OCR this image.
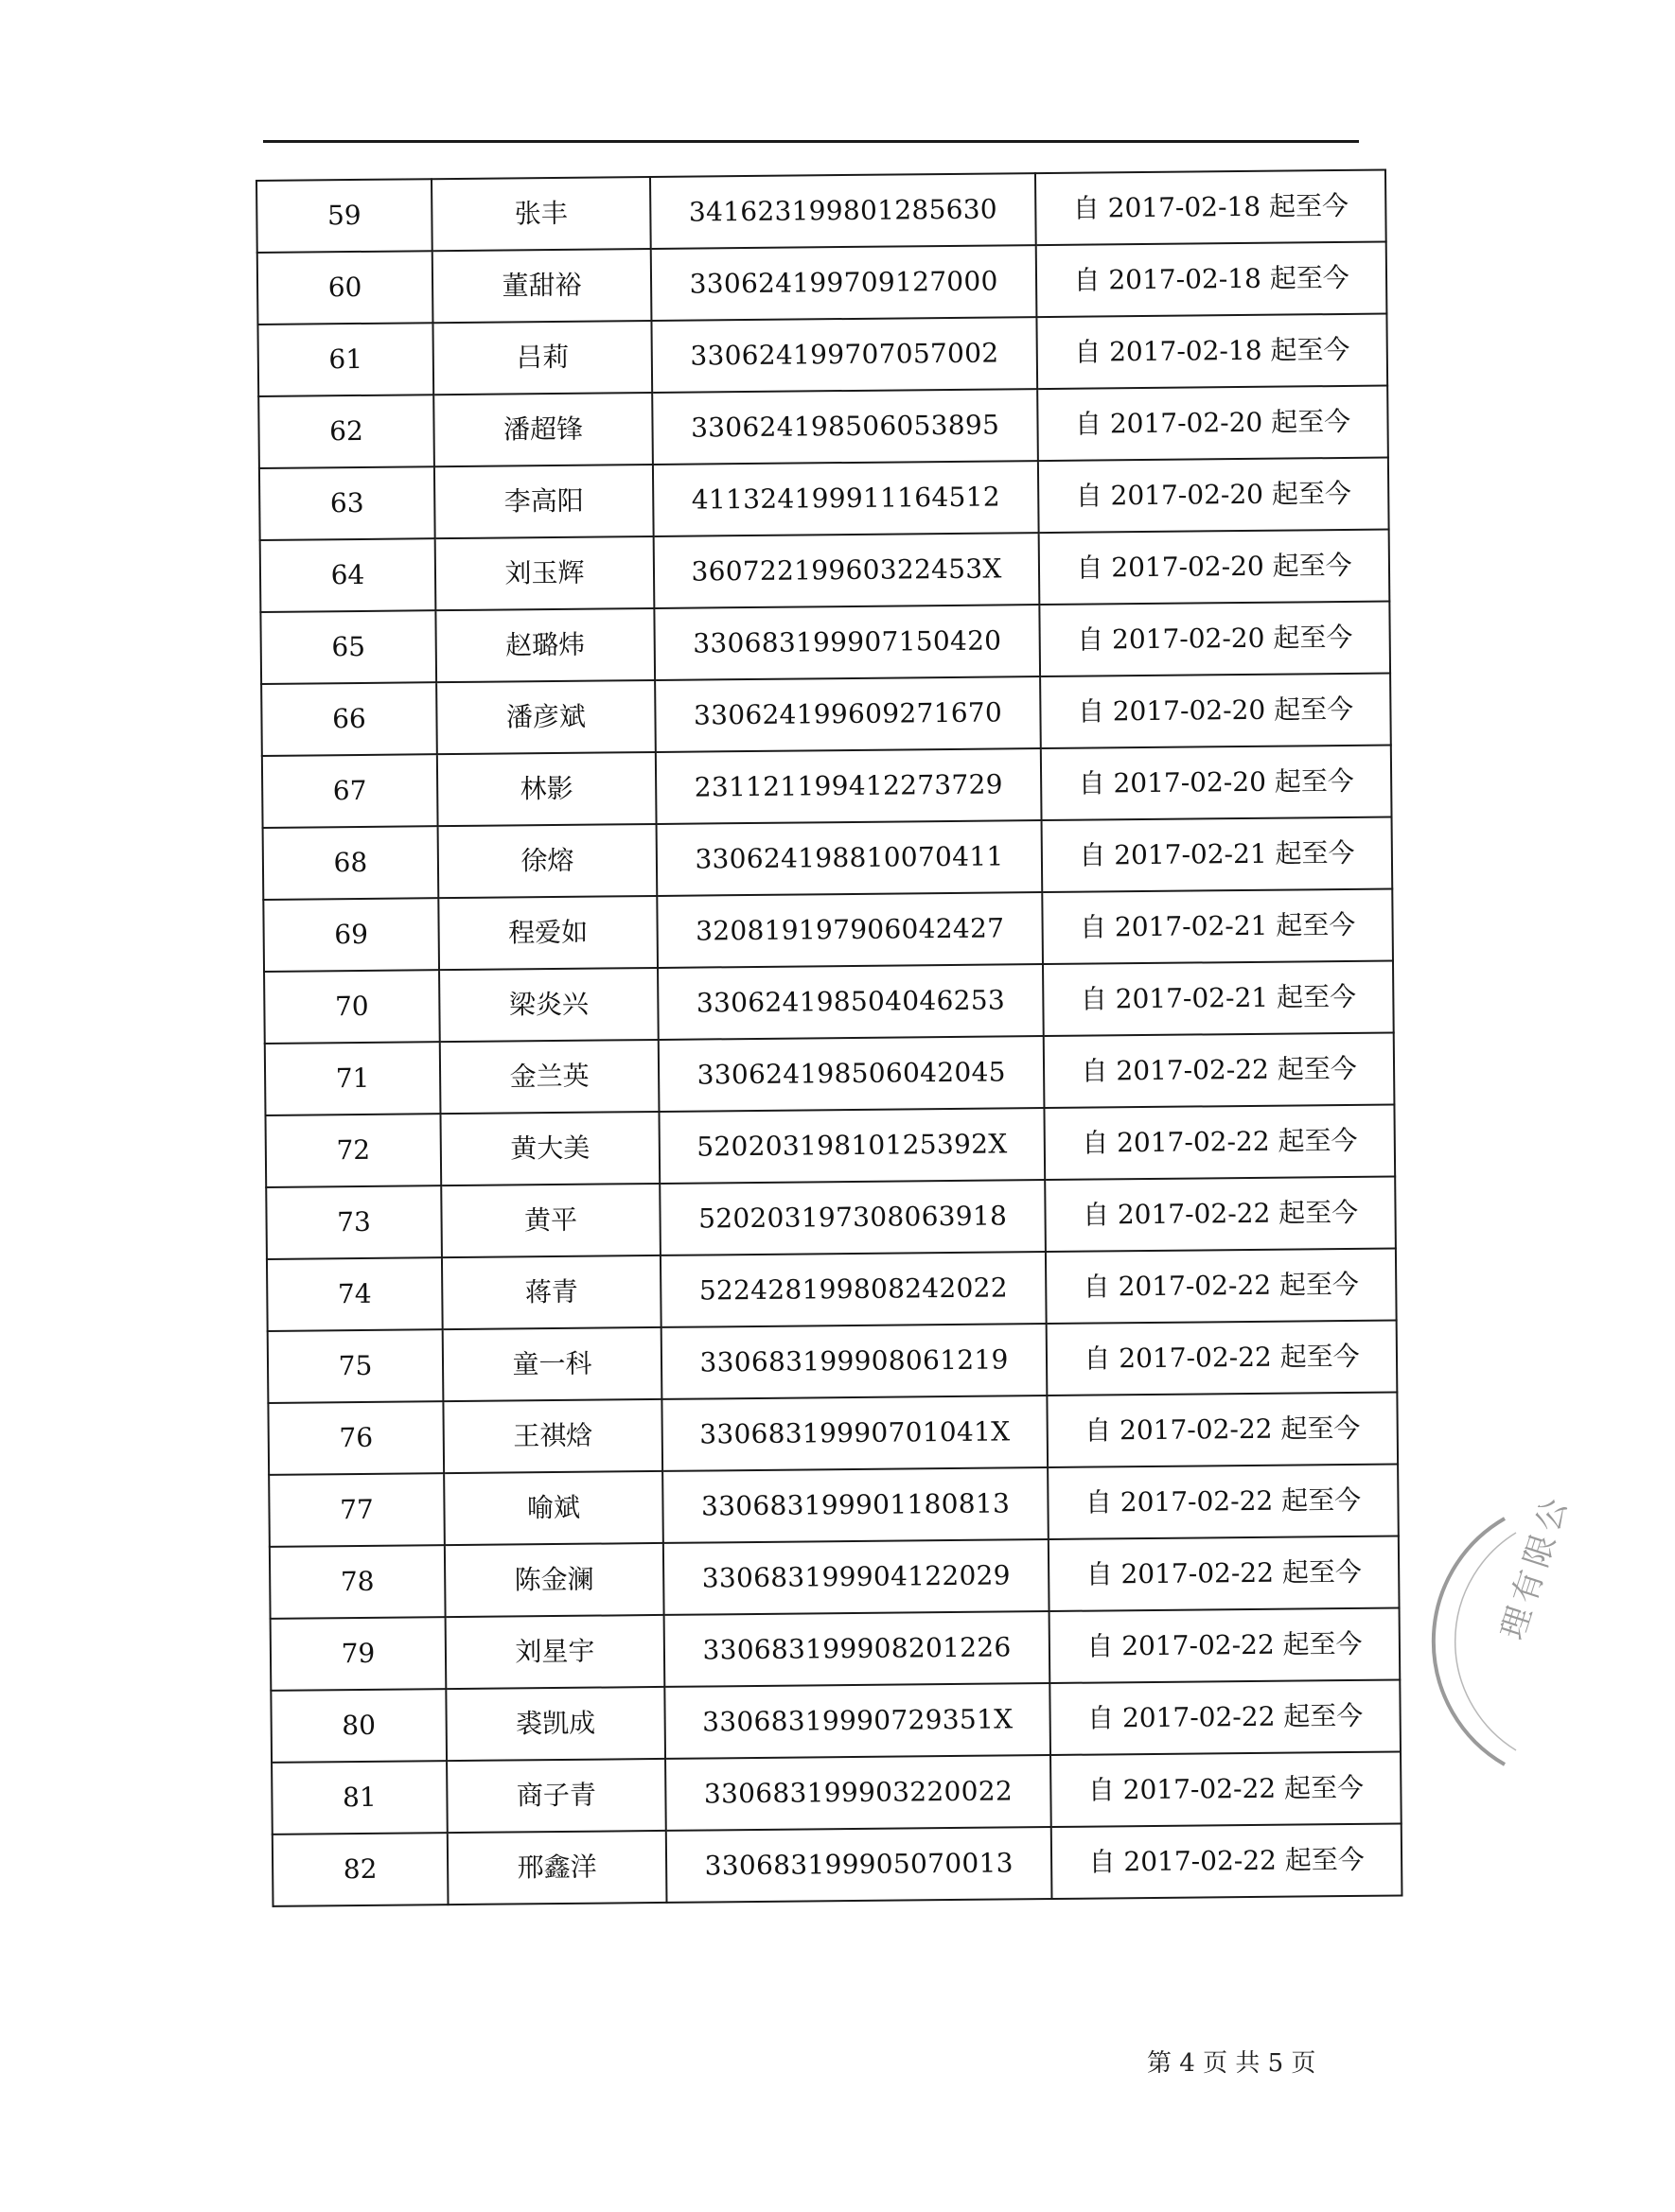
59	张丰	341623199801285630	自 2017-02-18 起至今
60	董甜裕	330624199709127000	自 2017-02-18 起至今
61	吕莉	330624199707057002	自 2017-02-18 起至今
62	潘超锋	330624198506053895	自 2017-02-20 起至今
63	李高阳	411324199911164512	自 2017-02-20 起至今
64	刘玉辉	36072219960322453X	自 2017-02-20 起至今
65	赵璐炜	330683199907150420	自 2017-02-20 起至今
66	潘彦斌	330624199609271670	自 2017-02-20 起至今
67	林影	231121199412273729	自 2017-02-20 起至今
68	徐熔	330624198810070411	自 2017-02-21 起至今
69	程爱如	320819197906042427	自 2017-02-21 起至今
70	梁炎兴	330624198504046253	自 2017-02-21 起至今
71	金兰英	330624198506042045	自 2017-02-22 起至今
72	黄大美	52020319810125392X	自 2017-02-22 起至今
73	黄平	520203197308063918	自 2017-02-22 起至今
74	蒋青	522428199808242022	自 2017-02-22 起至今
75	童一科	330683199908061219	自 2017-02-22 起至今
76	王祺焓	33068319990701041X	自 2017-02-22 起至今
77	喻斌	330683199901180813	自 2017-02-22 起至今
78	陈金澜	330683199904122029	自 2017-02-22 起至今
79	刘星宇	330683199908201226	自 2017-02-22 起至今
80	裘凯成	33068319990729351X	自 2017-02-22 起至今
81	商子青	330683199903220022	自 2017-02-22 起至今
82	邢鑫洋	330683199905070013	自 2017-02-22 起至今
第 4 页 共 5 页
理有限公
